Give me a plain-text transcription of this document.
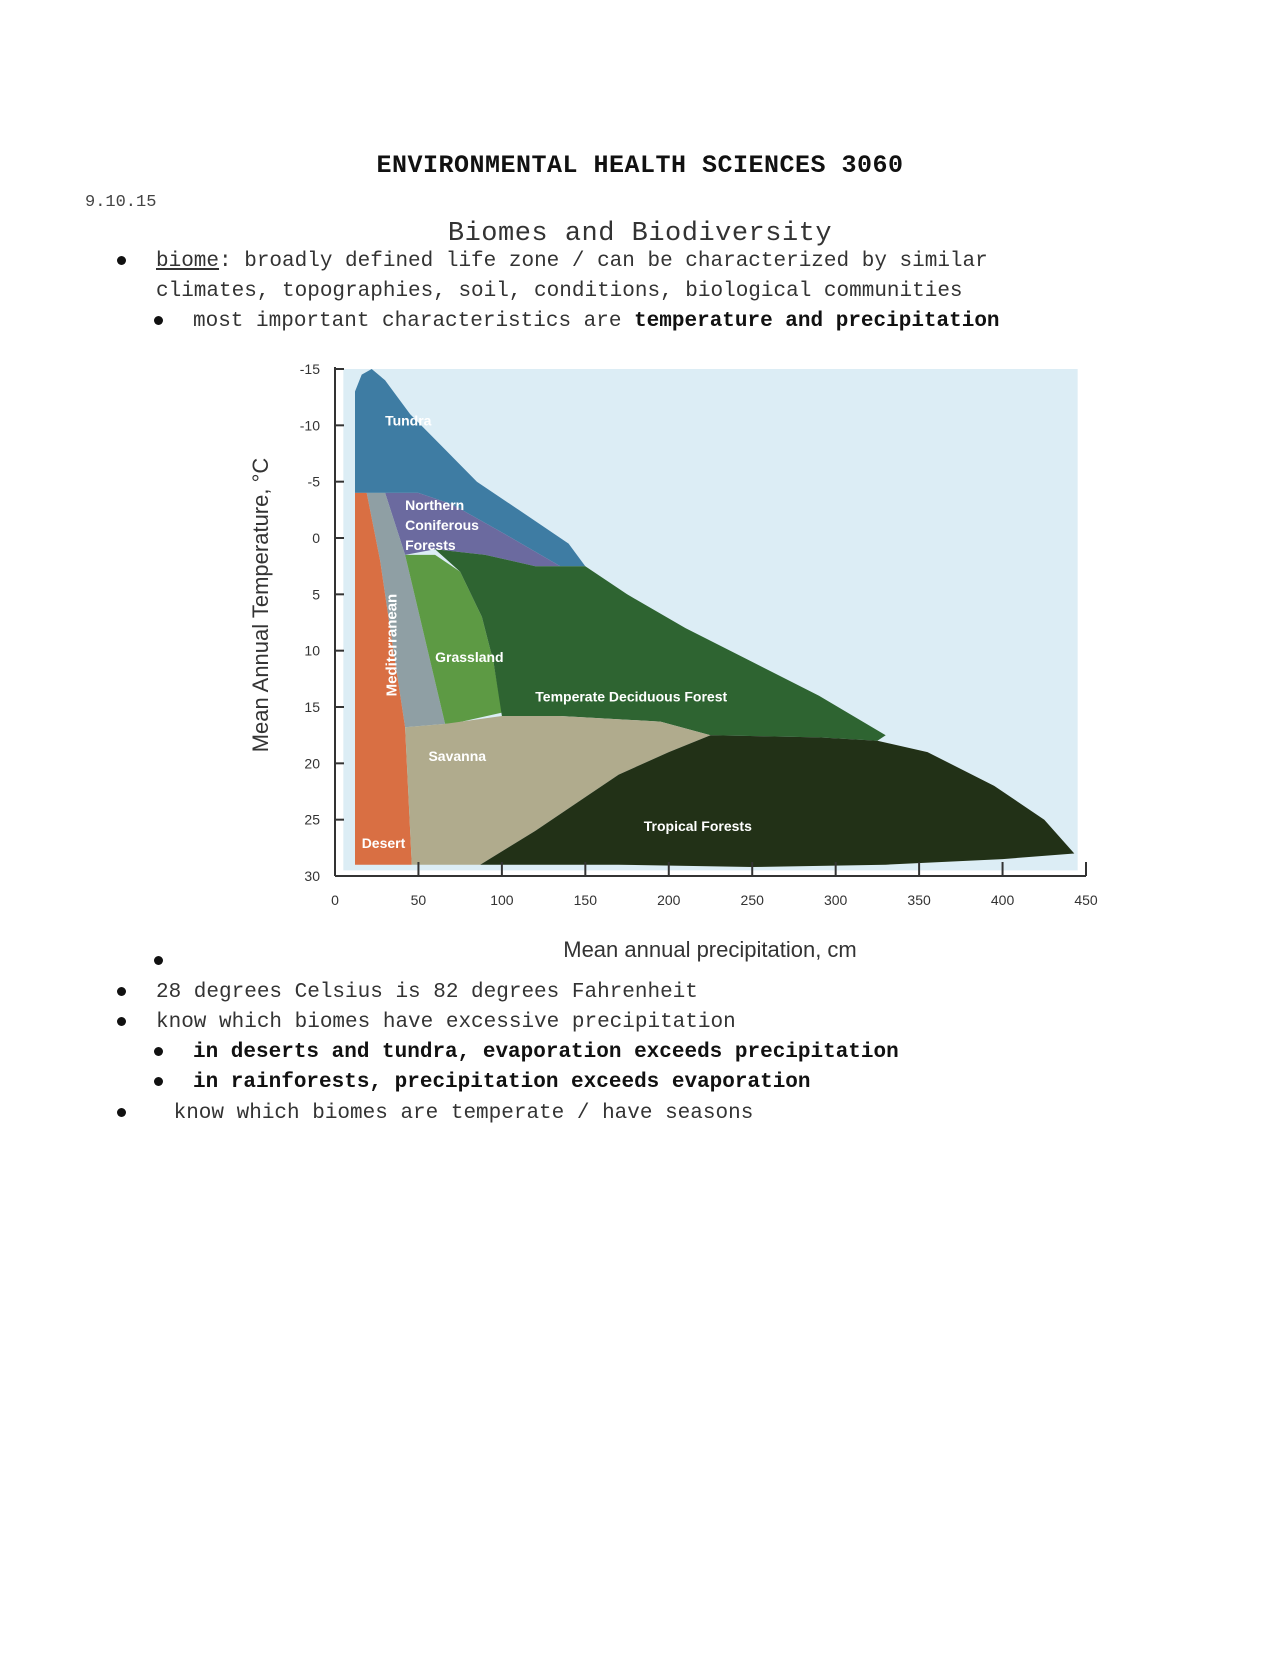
ENVIRONMENTAL HEALTH SCIENCES 3060
9.10.15
Biomes and Biodiversity
biome: broadly defined life zone / can be characterized by similar
climates, topographies, soil, conditions, biological communities
most important characteristics are temperature and precipitation
Tundra
Northern Coniferous Forests
Mediterranean
Desert
Grassland
Temperate Deciduous Forest
Savanna
Tropical Forests
0	50	100	150	200	250	300	350	400	450
-15
-10
-5
0
5
10
15
20
25
30
Mean annual precipitation, cm
Mean Annual Temperature, °C
28 degrees Celsius is 82 degrees Fahrenheit
know which biomes have excessive precipitation
in deserts and tundra, evaporation exceeds precipitation
in rainforests, precipitation exceeds evaporation
know which biomes are temperate / have seasons
